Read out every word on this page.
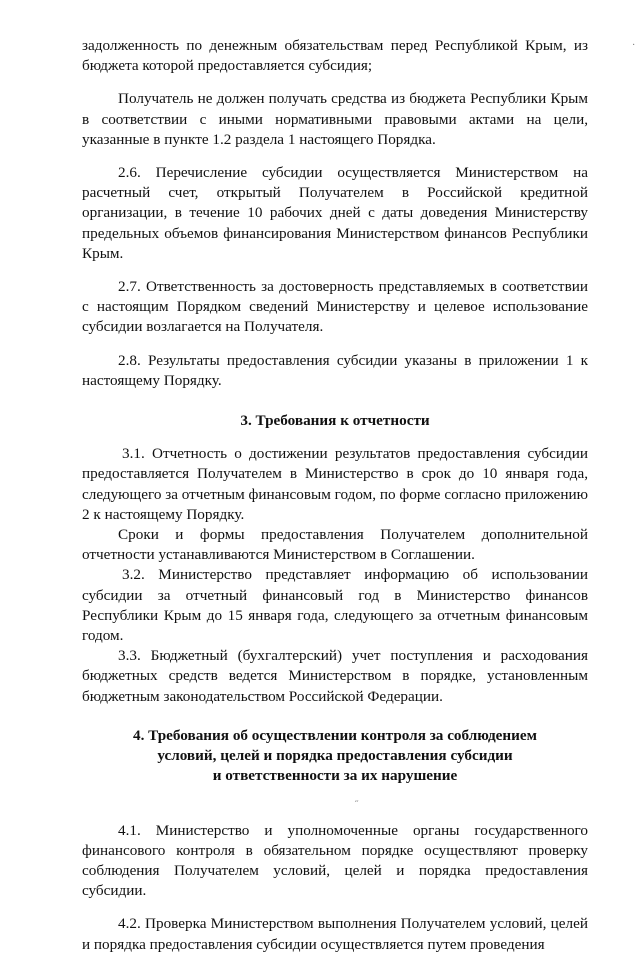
задолженность по денежным обязательствам перед Республикой Крым, из бюджета которой предоставляется субсидия;

Получатель не должен получать средства из бюджета Республики Крым в соответствии с иными нормативными правовыми актами на цели, указанные в пункте 1.2 раздела 1 настоящего Порядка.

2.6. Перечисление субсидии осуществляется Министерством на расчетный счет, открытый Получателем в Российской кредитной организации, в течение 10 рабочих дней с даты доведения Министерству предельных объемов финансирования Министерством финансов Республики Крым.

2.7. Ответственность за достоверность представляемых в соответствии с настоящим Порядком сведений Министерству и целевое использование субсидии возлагается на Получателя.

2.8. Результаты предоставления субсидии указаны в приложении 1 к настоящему Порядку.

3. Требования к отчетности

3.1. Отчетность о достижении результатов предоставления субсидии предоставляется Получателем в Министерство в срок до 10 января года, следующего за отчетным финансовым годом, по форме согласно приложению 2 к настоящему Порядку.

Сроки и формы предоставления Получателем дополнительной отчетности устанавливаются Министерством в Соглашении.

3.2. Министерство представляет информацию об использовании субсидии за отчетный финансовый год в Министерство финансов Республики Крым до 15 января года, следующего за отчетным финансовым годом.

3.3. Бюджетный (бухгалтерский) учет поступления и расходования бюджетных средств ведется Министерством в порядке, установленным бюджетным законодательством Российской Федерации.

4. Требования об осуществлении контроля за соблюдением

условий, целей и порядка предоставления субсидии

и ответственности за их нарушение

4.1. Министерство и уполномоченные органы государственного финансового контроля в обязательном порядке осуществляют проверку соблюдения Получателем условий, целей и порядка предоставления субсидии.

4.2. Проверка Министерством выполнения Получателем условий, целей и порядка предоставления субсидии осуществляется путем проведения

˝
·
